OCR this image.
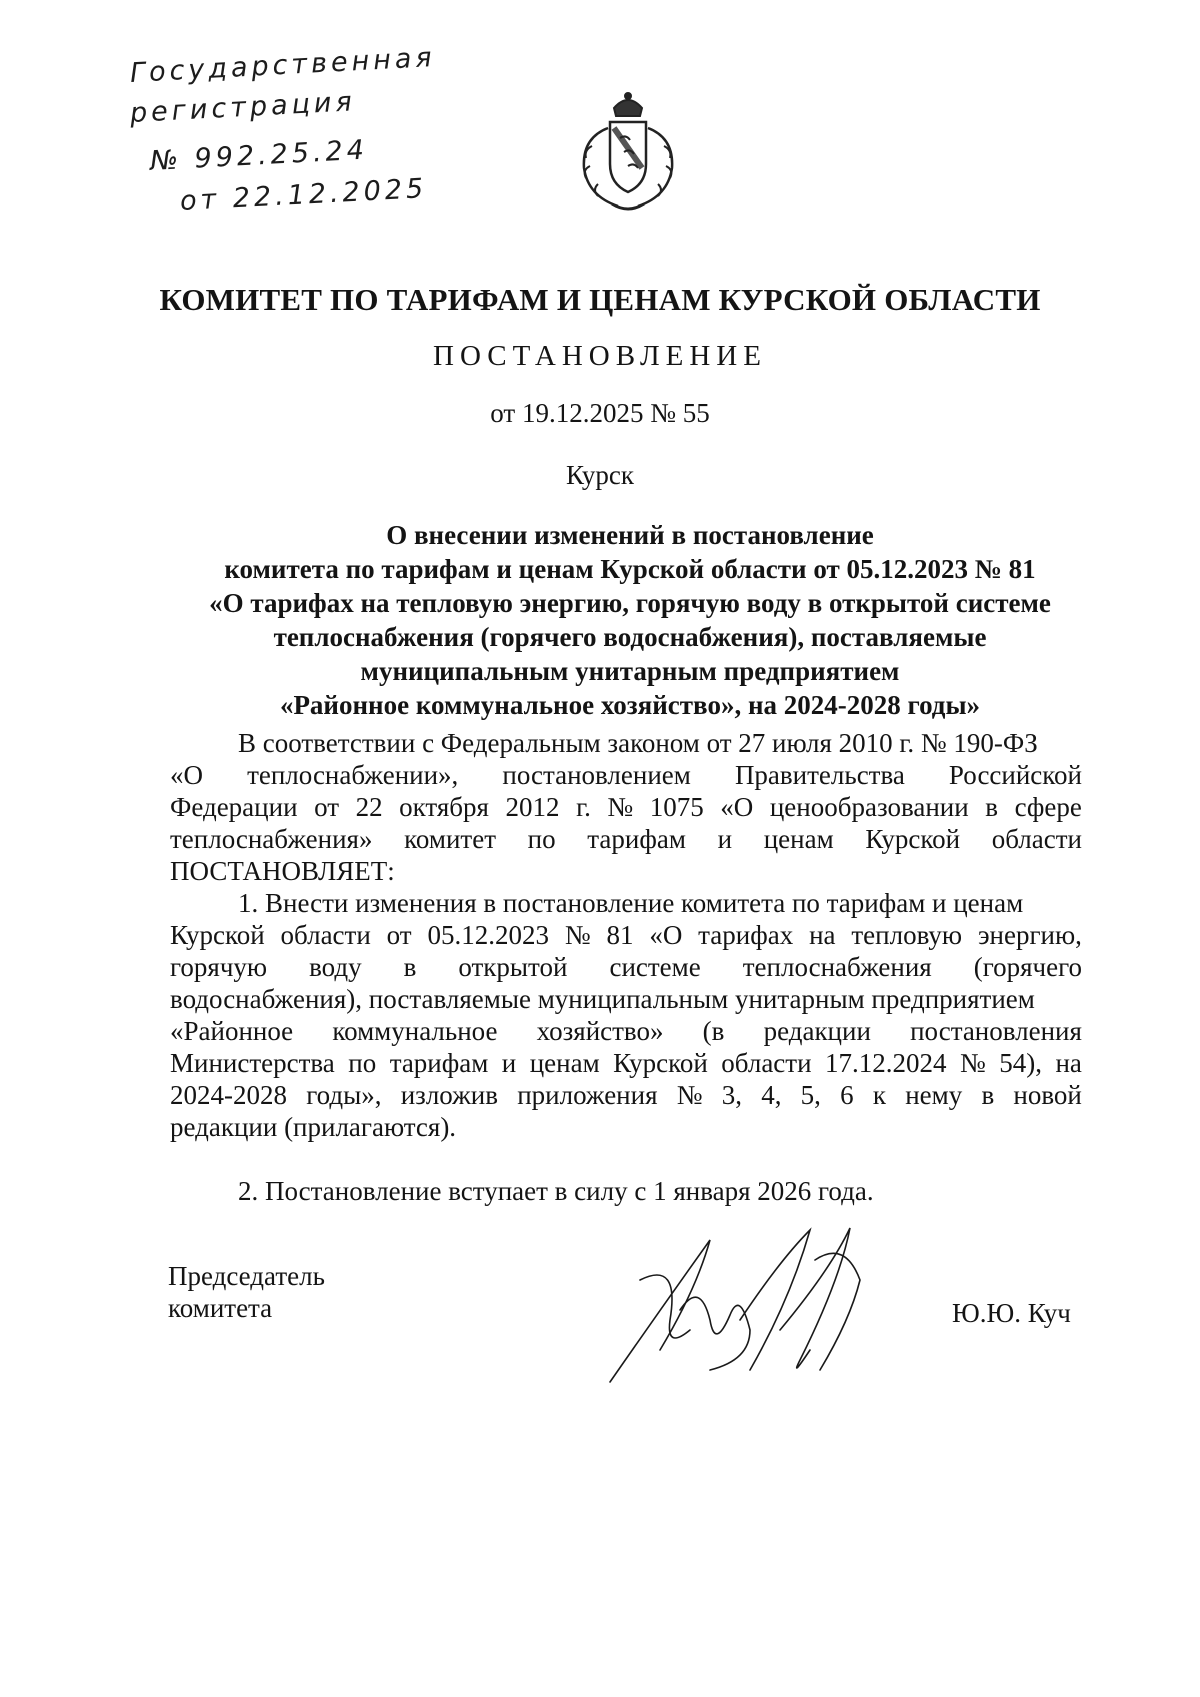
Государственная
регистрация
№ 992.25.24
от 22.12.2025
КОМИТЕТ ПО ТАРИФАМ И ЦЕНАМ КУРСКОЙ ОБЛАСТИ
ПОСТАНОВЛЕНИЕ
от 19.12.2025 № 55
Курск
О внесении изменений в постановление
комитета по тарифам и ценам Курской области от 05.12.2023 № 81
«О тарифах на тепловую энергию, горячую воду в открытой системе
теплоснабжения (горячего водоснабжения), поставляемые
муниципальным унитарным предприятием
«Районное коммунальное хозяйство», на 2024-2028 годы»
В соответствии с Федеральным законом от 27 июля 2010 г. № 190-ФЗ
«О теплоснабжении», постановлением Правительства Российской
Федерации от 22 октября 2012 г. № 1075 «О ценообразовании в сфере
теплоснабжения» комитет по тарифам и ценам Курской области
ПОСТАНОВЛЯЕТ:
1. Внести изменения в постановление комитета по тарифам и ценам
Курской области от 05.12.2023 № 81 «О тарифах на тепловую энергию,
горячую воду в открытой системе теплоснабжения (горячего
водоснабжения), поставляемые муниципальным унитарным предприятием
«Районное коммунальное хозяйство» (в редакции постановления
Министерства по тарифам и ценам Курской области 17.12.2024 № 54), на
2024-2028 годы», изложив приложения № 3, 4, 5, 6 к нему в новой
редакции (прилагаются).
2. Постановление вступает в силу с 1 января 2026 года.
Председатель
комитета	Ю.Ю. Куч
